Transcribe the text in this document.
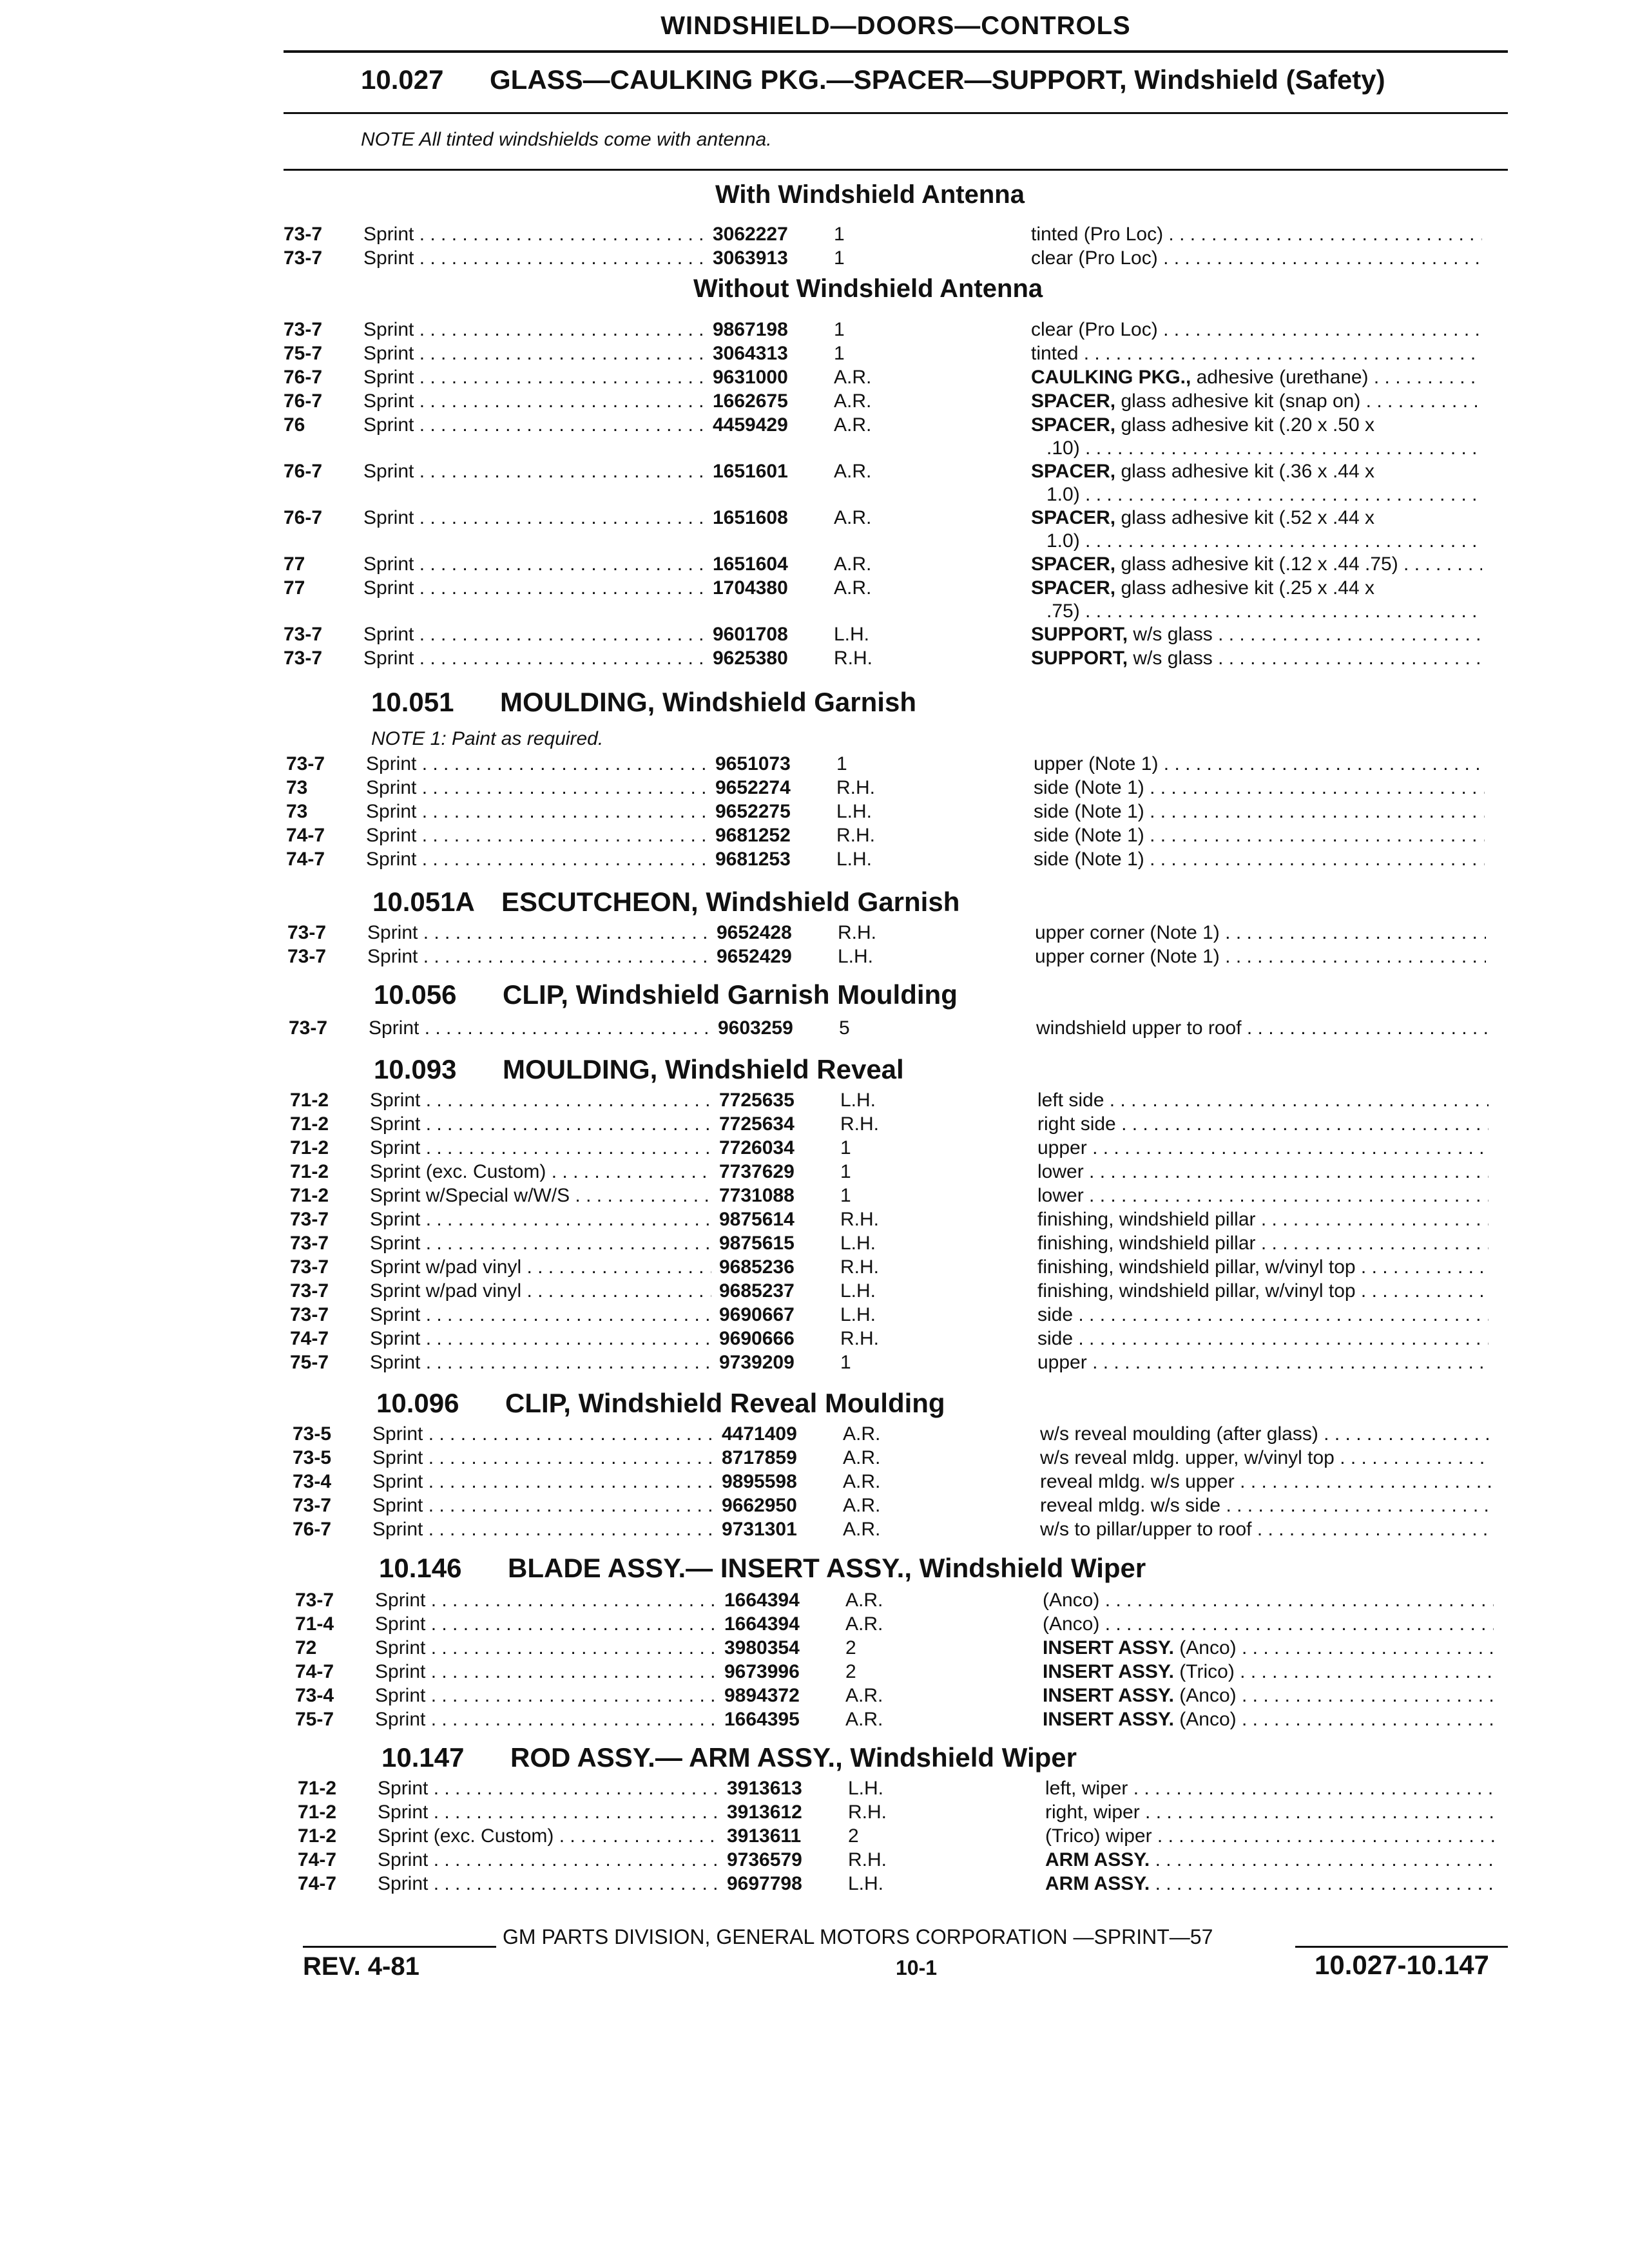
WINDSHIELD—DOORS—CONTROLS
10.027 GLASS—CAULKING PKG.—SPACER—SUPPORT, Windshield (Safety)
NOTE All tinted windshields come with antenna.
With Windshield Antenna
Without Windshield Antenna
GM PARTS DIVISION, GENERAL MOTORS CORPORATION —SPRINT—57
REV. 4-81	10-1	10.027-10.147
73-7 Sprint . . .	3062227 1	tinted (Pro Loc) . . .
73-7 Sprint . . .	3063913 1	clear (Pro Loc) . . .
73-7 Sprint . . .	9867198 1	clear (Pro Loc) . . .
75-7 Sprint . . .	3064313 1	tinted . . .
76-7 Sprint . . .	9631000 A.R.	CAULKING PKG., adhesive (urethane) . . .
76-7 Sprint . . .	1662675 A.R.	SPACER, glass adhesive kit (snap on) . . .
76	Sprint . . .	4459429 A.R.	SPACER, glass adhesive kit (.20 x .50 x
.10) . . .
76-7 Sprint . . .	1651601 A.R.	SPACER, glass adhesive kit (.36 x .44 x
1.0) . . .
76-7 Sprint . . .	1651608 A.R.	SPACER, glass adhesive kit (.52 x .44 x
1.0) . . .
77	Sprint . . .	1651604 A.R.	SPACER, glass adhesive kit (.12 x .44 .75) . . .
77	Sprint . . .	1704380 A.R.	SPACER, glass adhesive kit (.25 x .44 x
.75) . . .
73-7 Sprint . . .	9601708 L.H.	SUPPORT, w/s glass . . .
73-7 Sprint . . .	9625380 R.H.	SUPPORT, w/s glass . . .
10.051 MOULDING, Windshield Garnish
NOTE 1: Paint as required.
73-7 Sprint . . .	9651073 1	upper (Note 1) . . .
73	Sprint . . .	9652274 R.H.	side (Note 1) . . .
73	Sprint . . .	9652275 L.H.	side (Note 1) . . .
74-7 Sprint . . .	9681252 R.H.	side (Note 1) . . .
74-7 Sprint . . .	9681253 L.H.	side (Note 1) . . .
10.051A ESCUTCHEON, Windshield Garnish
73-7 Sprint . . .	9652428 R.H.	upper corner (Note 1) . . .
73-7 Sprint . . .	9652429 L.H.	upper corner (Note 1) . . .
10.056 CLIP, Windshield Garnish Moulding
73-7 Sprint . . .	9603259 5	windshield upper to roof . . .
10.093 MOULDING, Windshield Reveal
71-2 Sprint . . .	7725635 L.H.	left side . . .
71-2 Sprint . . .	7725634 R.H.	right side . . .
71-2 Sprint . . .	7726034 1	upper . . .
71-2 Sprint (exc. Custom) . . .	7737629 1	lower . . .
71-2 Sprint w/Special w/W/S . . .	7731088 1	lower . . .
73-7 Sprint . . .	9875614 R.H.	finishing, windshield pillar . . .
73-7 Sprint . . .	9875615 L.H.	finishing, windshield pillar . . .
73-7 Sprint w/pad vinyl . . .	9685236 R.H.	finishing, windshield pillar, w/vinyl top . . .
73-7 Sprint w/pad vinyl . . .	9685237 L.H.	finishing, windshield pillar, w/vinyl top . . .
73-7 Sprint . . .	9690667 L.H.	side . . .
74-7 Sprint . . .	9690666 R.H.	side . . .
75-7 Sprint . . .	9739209 1	upper . . .
10.096 CLIP, Windshield Reveal Moulding
73-5 Sprint . . .	4471409 A.R.	w/s reveal moulding (after glass) . . .
73-5 Sprint . . .	8717859 A.R.	w/s reveal mldg. upper, w/vinyl top . . .
73-4 Sprint . . .	9895598 A.R.	reveal mldg. w/s upper . . .
73-7 Sprint . . .	9662950 A.R.	reveal mldg. w/s side . . .
76-7 Sprint . . .	9731301 A.R.	w/s to pillar/upper to roof . . .
10.146 BLADE ASSY.— INSERT ASSY., Windshield Wiper
73-7 Sprint . . .	1664394 A.R.	(Anco) . . .
71-4 Sprint . . .	1664394 A.R.	(Anco) . . .
72	Sprint . . .	3980354 2	INSERT ASSY. (Anco) . . .
74-7 Sprint . . .	9673996 2	INSERT ASSY. (Trico) . . .
73-4 Sprint . . .	9894372 A.R.	INSERT ASSY. (Anco) . . .
75-7 Sprint . . .	1664395 A.R.	INSERT ASSY. (Anco) . . .
10.147 ROD ASSY.— ARM ASSY., Windshield Wiper
71-2 Sprint . . .	3913613 L.H.	left, wiper . . .
71-2 Sprint . . .	3913612 R.H.	right, wiper . . .
71-2 Sprint (exc. Custom) . . .	3913611 2	(Trico) wiper . . .
74-7 Sprint . . .	9736579 R.H.	ARM ASSY. . . .
74-7 Sprint . . .	9697798 L.H.	ARM ASSY. . . .
